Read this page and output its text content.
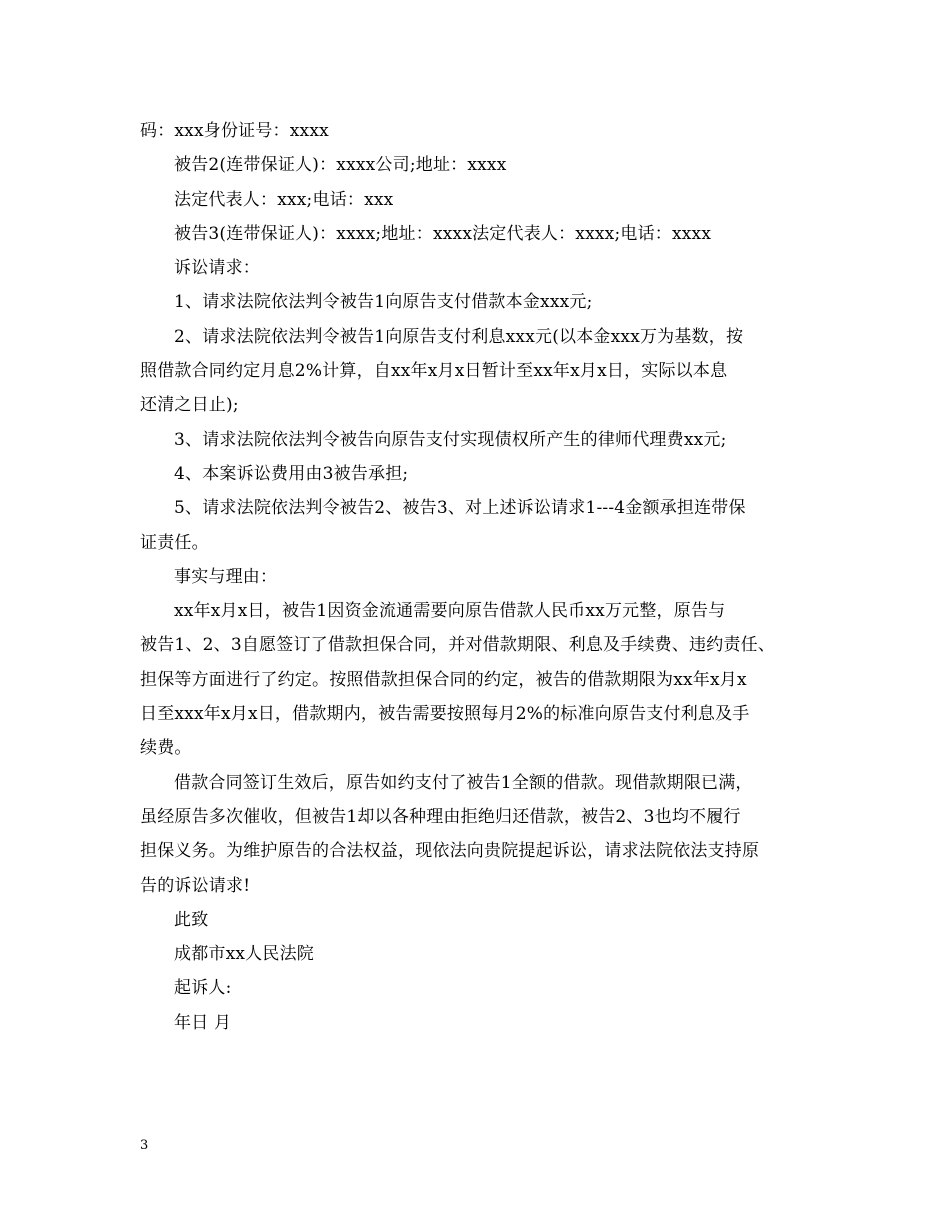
码：xxx身份证号：xxxx
被告2(连带保证人)：xxxx公司;地址：xxxx
法定代表人：xxx;电话：xxx
被告3(连带保证人)：xxxx;地址：xxxx法定代表人：xxxx;电话：xxxx
诉讼请求：
1、请求法院依法判令被告1向原告支付借款本金xxx元;
2、请求法院依法判令被告1向原告支付利息xxx元(以本金xxx万为基数，按
照借款合同约定月息2%计算，自xx年x月x日暂计至xx年x月x日，实际以本息
还清之日止);
3、请求法院依法判令被告向原告支付实现债权所产生的律师代理费xx元;
4、本案诉讼费用由3被告承担;
5、请求法院依法判令被告2、被告3、对上述诉讼请求1---4金额承担连带保
证责任。
事实与理由：
xx年x月x日，被告1因资金流通需要向原告借款人民币xx万元整，原告与
被告1、2、3自愿签订了借款担保合同，并对借款期限、利息及手续费、违约责任、
担保等方面进行了约定。按照借款担保合同的约定，被告的借款期限为xx年x月x
日至xxx年x月x日，借款期内，被告需要按照每月2%的标准向原告支付利息及手
续费。
借款合同签订生效后，原告如约支付了被告1全额的借款。现借款期限已满，
虽经原告多次催收，但被告1却以各种理由拒绝归还借款，被告2、3也均不履行
担保义务。为维护原告的合法权益，现依法向贵院提起诉讼，请求法院依法支持原
告的诉讼请求!
此致
成都市xx人民法院
起诉人:
年日 月
3
